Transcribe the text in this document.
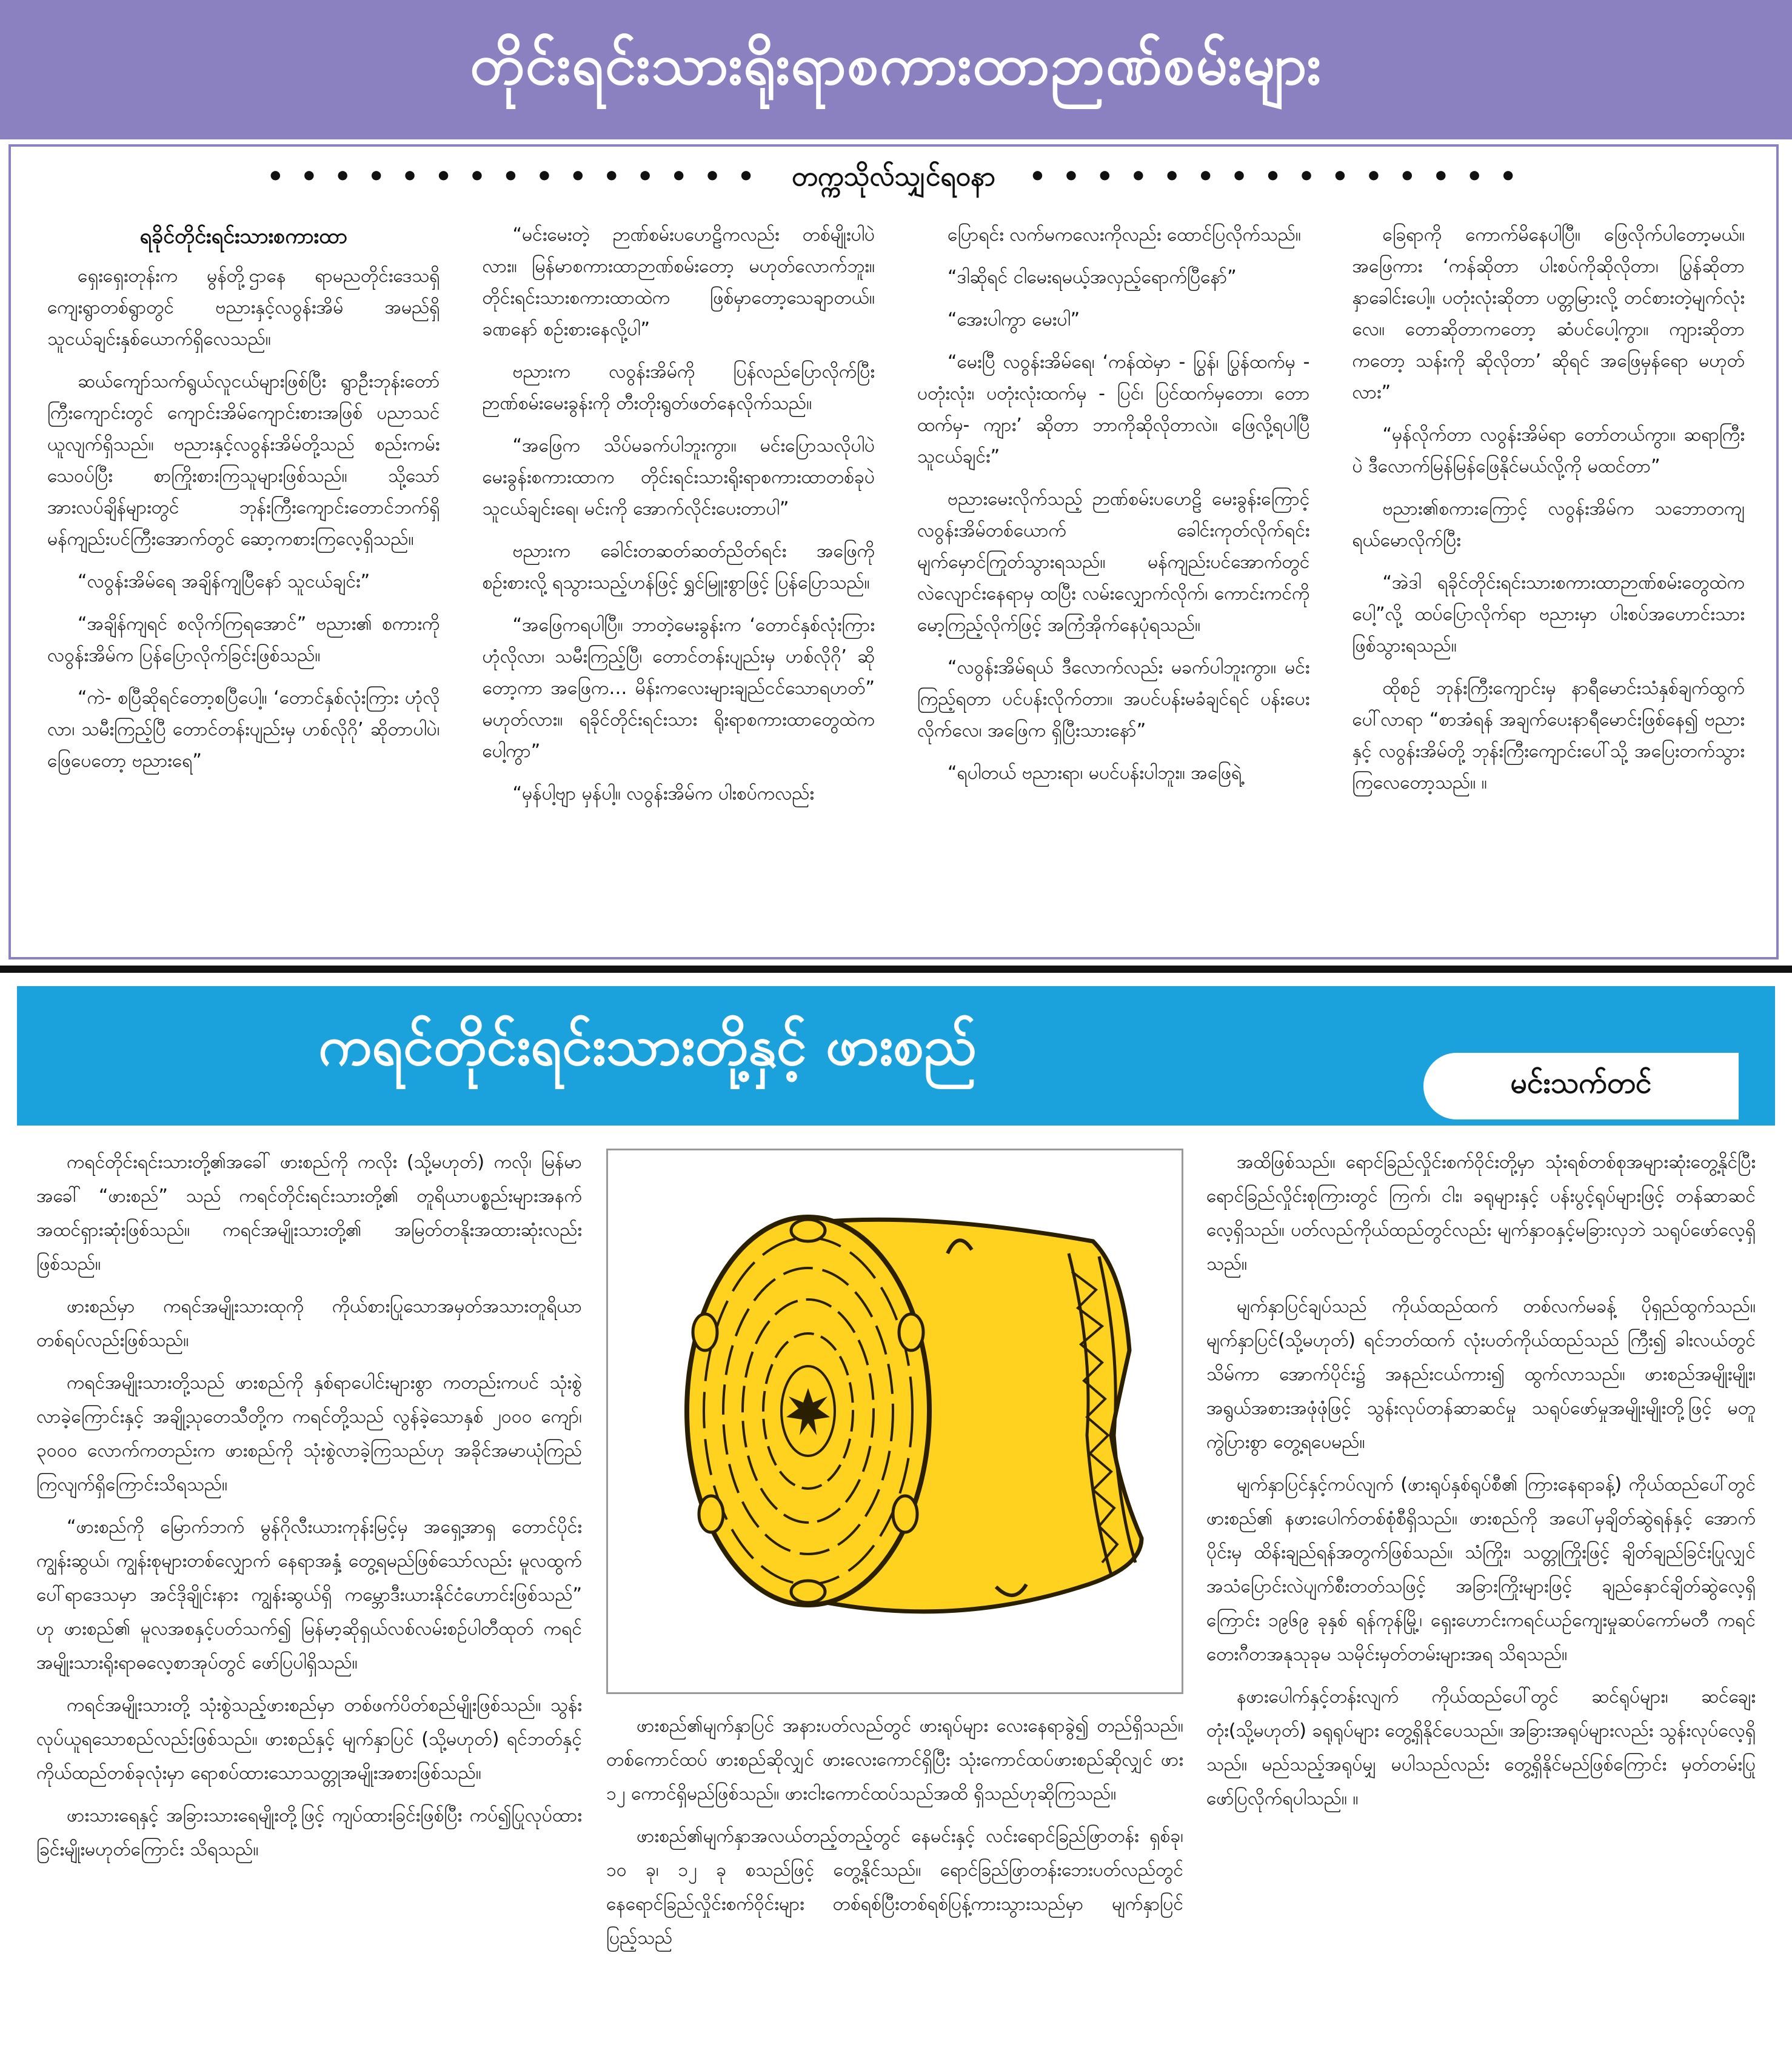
တိုင်းရင်းသားရိုးရာစကားထာဉာဏ်စမ်းများ
• • • • • • • • • • • • • • • တက္ကသိုလ်သျှင်ရဝနာ • • • • • • • • • • • • • • •
ရခိုင်တိုင်းရင်းသားစကားထာ

ရှေးရှေးတုန်းက မွန်တို့ဌာနေ ရာမညတိုင်းဒေသရှိ ကျေးရွာတစ်ရွာတွင် ဗညားနှင့်လဝွန်းအိမ် အမည်ရှိ သူငယ်ချင်းနှစ်ယောက်ရှိလေသည်။

ဆယ်ကျော်သက်ရွယ်လူငယ်များဖြစ်ပြီး ရွာဦးဘုန်းတော်ကြီးကျောင်းတွင် ကျောင်းအိမ်ကျောင်းစားအဖြစ် ပညာသင်ယူလျက်ရှိသည်။ ဗညားနှင့်လဝွန်းအိမ်တို့သည် စည်းကမ်းသေဝပ်ပြီး စာကြိုးစားကြသူများဖြစ်သည်။ သို့သော် အားလပ်ချိန်များတွင် ဘုန်းကြီးကျောင်းတောင်ဘက်ရှိ မန်ကျည်းပင်ကြီးအောက်တွင် ဆော့ကစားကြလေ့ရှိသည်။

“လဝွန်းအိမ်ရေ အချိန်ကျပြီနော် သူငယ်ချင်း”

“အချိန်ကျရင် စလိုက်ကြရအောင်” ဗညား၏ စကားကို လဝွန်းအိမ်က ပြန်ပြောလိုက်ခြင်းဖြစ်သည်။

“ကဲ- စပြီဆိုရင်တော့စပြီပေါ့။ ‘တောင်နှစ်လုံးကြား ဟုံလိုလာ၊ သမီးကြည့်ပြီ တောင်တန်းပျည်းမှ ဟစ်လိုဂို’ ဆိုတာပါပဲ၊ ဖြေပေတော့ ဗညားရေ”

“မင်းမေးတဲ့ ဉာဏ်စမ်းပဟေဠိကလည်း တစ်မျိုးပါပဲလား။ မြန်မာစကားထာဉာဏ်စမ်းတော့ မဟုတ်လောက်ဘူး။ တိုင်းရင်းသားစကားထာထဲက ဖြစ်မှာတော့သေချာတယ်။ ခဏနော် စဉ်းစားနေလို့ပါ”

ဗညားက လဝွန်းအိမ်ကို ပြန်လည်ပြောလိုက်ပြီး ဉာဏ်စမ်းမေးခွန်းကို တီးတိုးရွတ်ဖတ်နေလိုက်သည်။

“အဖြေက သိပ်မခက်ပါဘူးကွာ။ မင်းပြောသလိုပါပဲ မေးခွန်းစကားထာက တိုင်းရင်းသားရိုးရာစကားထာတစ်ခုပဲ သူငယ်ချင်းရေ၊ မင်းကို အောက်လိုင်းပေးတာပါ”

ဗညားက ခေါင်းတဆတ်ဆတ်ညိတ်ရင်း အဖြေကို စဉ်းစားလို့ ရသွားသည့်ဟန်ဖြင့် ရွှင်မြူးစွာဖြင့် ပြန်ပြောသည်။

“အဖြေကရပါပြီ။ ဘာတဲ့မေးခွန်းက ‘တောင်နှစ်လုံးကြား ဟုံလိုလာ၊ သမီးကြည့်ပြီ၊ တောင်တန်းပျည်းမှ ဟစ်လိုဂို’ ဆိုတော့ကာ အဖြေက… မိန်းကလေးများချည်ငင်သောရဟတ်” မဟုတ်လား။ ရခိုင်တိုင်းရင်းသား ရိုးရာစကားထာတွေထဲကပေါ့ကွာ”

“မှန်ပါ့ဗျာ မှန်ပါ့။ လဝွန်းအိမ်က ပါးစပ်ကလည်း

ပြောရင်း လက်မကလေးကိုလည်း ထောင်ပြလိုက်သည်။

“ဒါဆိုရင် ငါမေးရမယ့်အလှည့်ရောက်ပြီနော်”

“အေးပါကွာ မေးပါ”

“မေးပြီ လဝွန်းအိမ်ရေ၊ ‘ကန်ထဲမှာ - ပြွန်၊ ပြွန်ထက်မှ - ပတုံးလုံး၊ ပတုံးလုံးထက်မှ - ပြင်၊ ပြင်ထက်မှတော၊ တောထက်မှ- ကျား’ ဆိုတာ ဘာကိုဆိုလိုတာလဲ။ ဖြေလို့ရပါပြီသူငယ်ချင်း”

ဗညားမေးလိုက်သည့် ဉာဏ်စမ်းပဟေဠိ မေးခွန်းကြောင့် လဝွန်းအိမ်တစ်ယောက် ခေါင်းကုတ်လိုက်ရင်း မျက်မှောင်ကြုတ်သွားရသည်။ မန်ကျည်းပင်အောက်တွင် လဲလျောင်းနေရာမှ ထပြီး လမ်းလျှောက်လိုက်၊ ကောင်းကင်ကို မော့ကြည့်လိုက်ဖြင့် အကြံအိုက်နေပုံရသည်။

“လဝွန်းအိမ်ရယ် ဒီလောက်လည်း မခက်ပါဘူးကွာ။ မင်းကြည့်ရတာ ပင်ပန်းလိုက်တာ။ အပင်ပန်းမခံချင်ရင် ပန်းပေးလိုက်လေ၊ အဖြေက ရှိပြီးသားနော်”

“ရပါတယ် ဗညားရာ၊ မပင်ပန်းပါဘူး။ အဖြေရဲ့

ခြေရာကို ကောက်မိနေပါပြီ။ ဖြေလိုက်ပါတော့မယ်။ အဖြေကား ‘ကန်ဆိုတာ ပါးစပ်ကိုဆိုလိုတာ၊ ပြွန်ဆိုတာနှာခေါင်းပေါ့။ ပတုံးလုံးဆိုတာ ပတ္တမြားလို့ တင်စားတဲ့မျက်လုံးလေ။ တောဆိုတာကတော့ ဆံပင်ပေါ့ကွာ။ ကျားဆိုတာကတော့ သန်းကို ဆိုလိုတာ’ ဆိုရင် အဖြေမှန်ရော မဟုတ်လား”

“မှန်လိုက်တာ လဝွန်းအိမ်ရာ တော်တယ်ကွာ။ ဆရာကြီးပဲ ဒီလောက်မြန်မြန်ဖြေနိုင်မယ်လို့ကို မထင်တာ”

ဗညား၏စကားကြောင့် လဝွန်းအိမ်က သဘောတကျ ရယ်မောလိုက်ပြီး

“အဲဒါ ရခိုင်တိုင်းရင်းသားစကားထာဉာဏ်စမ်းတွေထဲကပေါ့”လို့ ထပ်ပြောလိုက်ရာ ဗညားမှာ ပါးစပ်အဟောင်းသား ဖြစ်သွားရသည်။

ထိုစဉ် ဘုန်းကြီးကျောင်းမှ နာရီမောင်းသံနှစ်ချက်ထွက်ပေါ်လာရာ “စာအံရန် အချက်ပေးနာရီမောင်းဖြစ်နေ၍ ဗညားနှင့် လဝွန်းအိမ်တို့ ဘုန်းကြီးကျောင်းပေါ်သို့ အပြေးတက်သွားကြလေတော့သည်။ ။

ကရင်တိုင်းရင်းသားတို့နှင့် ဖားစည်
မင်းသက်တင်

ကရင်တိုင်းရင်းသားတို့၏အခေါ် ဖားစည်ကို ကလိုး (သို့မဟုတ်) ကလို၊ မြန်မာအခေါ် “ဖားစည်” သည် ကရင်တိုင်းရင်းသားတို့၏ တူရိယာပစ္စည်းများအနက် အထင်ရှားဆုံးဖြစ်သည်။ ကရင်အမျိုးသားတို့၏ အမြတ်တနိုးအထားဆုံးလည်းဖြစ်သည်။

ဖားစည်မှာ ကရင်အမျိုးသားထုကို ကိုယ်စားပြုသောအမှတ်အသားတူရိယာတစ်ရပ်လည်းဖြစ်သည်။

ကရင်အမျိုးသားတို့သည် ဖားစည်ကို နှစ်ရာပေါင်းများစွာ ကတည်းကပင် သုံးစွဲလာခဲ့ကြောင်းနှင့် အချို့သုတေသီတို့က ကရင်တို့သည် လွန်ခဲ့သောနှစ် ၂၀၀၀ ကျော်၊ ၃၀၀၀ လောက်ကတည်းက ဖားစည်ကို သုံးစွဲလာခဲ့ကြသည်ဟု အခိုင်အမာယုံကြည်ကြလျက်ရှိကြောင်းသိရသည်။

“ဖားစည်ကို မြောက်ဘက် မွန်ဂိုလီးယားကုန်းမြင့်မှ အရှေ့အာရှ တောင်ပိုင်းကျွန်းဆွယ်၊ ကျွန်းစုများတစ်လျှောက် နေရာအနှံ့ တွေ့ရမည်ဖြစ်သော်လည်း မူလထွက်ပေါ်ရာဒေသမှာ အင်ဒိုချိုင်းနား ကျွန်းဆွယ်ရှိ ကမ္ဘောဒီးယားနိုင်ငံဟောင်းဖြစ်သည်” ဟု ဖားစည်၏ မူလအစနှင့်ပတ်သက်၍ မြန်မာ့ဆိုရှယ်လစ်လမ်းစဉ်ပါတီထုတ် ကရင်အမျိုးသားရိုးရာဓလေ့စာအုပ်တွင် ဖော်ပြပါရှိသည်။

ကရင်အမျိုးသားတို့ သုံးစွဲသည့်ဖားစည်မှာ တစ်ဖက်ပိတ်စည်မျိုးဖြစ်သည်။ သွန်းလုပ်ယူရသောစည်လည်းဖြစ်သည်။ ဖားစည်နှင့် မျက်နှာပြင် (သို့မဟုတ်) ရင်ဘတ်နှင့်ကိုယ်ထည်တစ်ခုလုံးမှာ ရောစပ်ထားသောသတ္တုအမျိုးအစားဖြစ်သည်။

ဖားသားရေနှင့် အခြားသားရေမျိုးတို့ဖြင့် ကျပ်ထားခြင်းဖြစ်ပြီး ကပ်၍ပြုလုပ်ထားခြင်းမျိုးမဟုတ်ကြောင်း သိရသည်။

ဖားစည်၏မျက်နှာပြင် အနားပတ်လည်တွင် ဖားရုပ်များ လေးနေရာခွဲ၍ တည်ရှိသည်။ တစ်ကောင်ထပ် ဖားစည်ဆိုလျှင် ဖားလေးကောင်ရှိပြီး သုံးကောင်ထပ်ဖားစည်ဆိုလျှင် ဖား ၁၂ ကောင်ရှိမည်ဖြစ်သည်။ ဖားငါးကောင်ထပ်သည်အထိ ရှိသည်ဟုဆိုကြသည်။

ဖားစည်၏မျက်နှာအလယ်တည့်တည့်တွင် နေမင်းနှင့် လင်းရောင်ခြည်ဖြာတန်း ရှစ်ခု၊ ၁၀ ခု၊ ၁၂ ခု စသည်ဖြင့် တွေ့နိုင်သည်။ ရောင်ခြည်ဖြာတန်းဘေးပတ်လည်တွင် နေရောင်ခြည်လှိုင်းစက်ဝိုင်းများ တစ်ရစ်ပြီးတစ်ရစ်ပြန့်ကားသွားသည်မှာ မျက်နှာပြင်ပြည့်သည်

အထိဖြစ်သည်။ ရောင်ခြည်လှိုင်းစက်ဝိုင်းတို့မှာ သုံးရစ်တစ်စုအများဆုံးတွေ့နိုင်ပြီး ရောင်ခြည်လှိုင်းစုကြားတွင် ကြက်၊ ငါး၊ ခရုများနှင့် ပန်းပွင့်ရုပ်များဖြင့် တန်ဆာဆင်လေ့ရှိသည်။ ပတ်လည်ကိုယ်ထည်တွင်လည်း မျက်နှာဝနှင့်မခြားလှဘဲ သရုပ်ဖော်လေ့ရှိသည်။

မျက်နှာပြင်ချပ်သည် ကိုယ်ထည်ထက် တစ်လက်မခန့် ပိုရှည်ထွက်သည်။ မျက်နှာပြင်(သို့မဟုတ်) ရင်ဘတ်ထက် လုံးပတ်ကိုယ်ထည်သည် ကြီး၍ ခါးလယ်တွင်သိမ်ကာ အောက်ပိုင်း၌ အနည်းငယ်ကား၍ ထွက်လာသည်။ ဖားစည်အမျိုးမျိုး၊ အရွယ်အစားအဖုံဖုံဖြင့် သွန်းလုပ်တန်ဆာဆင်မှု သရုပ်ဖော်မှုအမျိုးမျိုးတို့ဖြင့် မတူကွဲပြားစွာ တွေ့ရပေမည်။

မျက်နှာပြင်နှင့်ကပ်လျက် (ဖားရုပ်နှစ်ရုပ်စီ၏ ကြားနေရာခန့်) ကိုယ်ထည်ပေါ်တွင် ဖားစည်၏ နဖားပေါက်တစ်စုံစီရှိသည်။ ဖားစည်ကို အပေါ်မှချိတ်ဆွဲရန်နှင့် အောက်ပိုင်းမှ ထိန်းချည်ရန်အတွက်ဖြစ်သည်။ သံကြိုး၊ သတ္တုကြိုးဖြင့် ချိတ်ချည်ခြင်းပြုလျှင် အသံပြောင်းလဲပျက်စီးတတ်သဖြင့် အခြားကြိုးများဖြင့် ချည်နှောင်ချိတ်ဆွဲလေ့ရှိကြောင်း ၁၉၆၉ ခုနှစ် ရန်ကုန်မြို့၊ ရှေးဟောင်းကရင်ယဉ်ကျေးမှုဆပ်ကော်မတီ ကရင်တေးဂီတအနုသုခုမ သမိုင်းမှတ်တမ်းများအရ သိရသည်။

နဖားပေါက်နှင့်တန်းလျက် ကိုယ်ထည်ပေါ်တွင် ဆင်ရုပ်များ၊ ဆင်ချေးတုံး(သို့မဟုတ်) ခရုရုပ်များ တွေ့ရှိနိုင်ပေသည်။ အခြားအရုပ်များလည်း သွန်းလုပ်လေ့ရှိသည်။ မည်သည့်အရုပ်မျှ မပါသည်လည်း တွေ့ရှိနိုင်မည်ဖြစ်ကြောင်း မှတ်တမ်းပြုဖော်ပြလိုက်ရပါသည်။ ။
